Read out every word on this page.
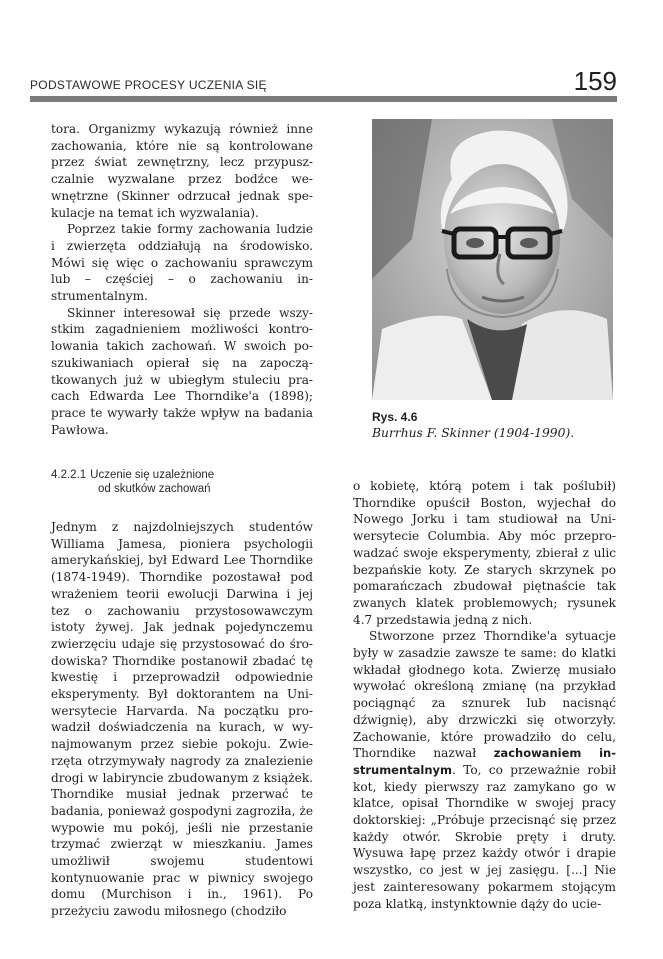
PODSTAWOWE PROCESY UCZENIA SIĘ	159

tora. Organizmy wykazują również inne zachowania, które nie są kontrolowane przez świat zewnętrzny, lecz przypuszczalnie wyzwalane przez bodźce wewnętrzne (Skinner odrzucał jednak spekulacje na temat ich wyzwalania).

Poprzez takie formy zachowania ludzie i zwierzęta oddziałują na środowisko. Mówi się więc o zachowaniu sprawczym lub – częściej – o zachowaniu instrumentalnym.

Skinner interesował się przede wszystkim zagadnieniem możliwości kontrolowania takich zachowań. W swoich poszukiwaniach opierał się na zapoczątkowanych już w ubiegłym stuleciu pracach Edwarda Lee Thorndike'a (1898); prace te wywarły także wpływ na badania Pawłowa.

4.2.2.1 Uczenie się uzależnione
od skutków zachowań

Jednym z najzdolniejszych studentów Williama Jamesa, pioniera psychologii amerykańskiej, był Edward Lee Thorndike (1874-1949). Thorndike pozostawał pod wrażeniem teorii ewolucji Darwina i jej tez o zachowaniu przystosowawczym istoty żywej. Jak jednak pojedynczemu zwierzęciu udaje się przystosować do środowiska? Thorndike postanowił zbadać tę kwestię i przeprowadził odpowiednie eksperymenty. Był doktorantem na Uniwersytecie Harvarda. Na początku prowadził doświadczenia na kurach, w wynajmowanym przez siebie pokoju. Zwierzęta otrzymywały nagrody za znalezienie drogi w labiryncie zbudowanym z książek. Thorndike musiał jednak przerwać te badania, ponieważ gospodyni zagroziła, że wypowie mu pokój, jeśli nie przestanie trzymać zwierząt w mieszkaniu. James umożliwił swojemu studentowi kontynuowanie prac w piwnicy swojego domu (Murchison i in., 1961). Po przeżyciu zawodu miłosnego (chodziło

Rys. 4.6
Burrhus F. Skinner (1904-1990).

o kobietę, którą potem i tak poślubił) Thorndike opuścił Boston, wyjechał do Nowego Jorku i tam studiował na Uniwersytecie Columbia. Aby móc przeprowadzać swoje eksperymenty, zbierał z ulic bezpańskie koty. Ze starych skrzynek po pomarańczach zbudował piętnaście tak zwanych klatek problemowych; rysunek 4.7 przedstawia jedną z nich.

Stworzone przez Thorndike'a sytuacje były w zasadzie zawsze te same: do klatki wkładał głodnego kota. Zwierzę musiało wywołać określoną zmianę (na przykład pociągnąć za sznurek lub nacisnąć dźwignię), aby drzwiczki się otworzyły. Zachowanie, które prowadziło do celu, Thorndike nazwał zachowaniem instrumentalnym. To, co przeważnie robił kot, kiedy pierwszy raz zamykano go w klatce, opisał Thorndike w swojej pracy doktorskiej: „Próbuje przecisnąć się przez każdy otwór. Skrobie pręty i druty. Wysuwa łapę przez każdy otwór i drapie wszystko, co jest w jej zasięgu. [...] Nie jest zainteresowany pokarmem stojącym poza klatką, instynktownie dąży do ucie-
